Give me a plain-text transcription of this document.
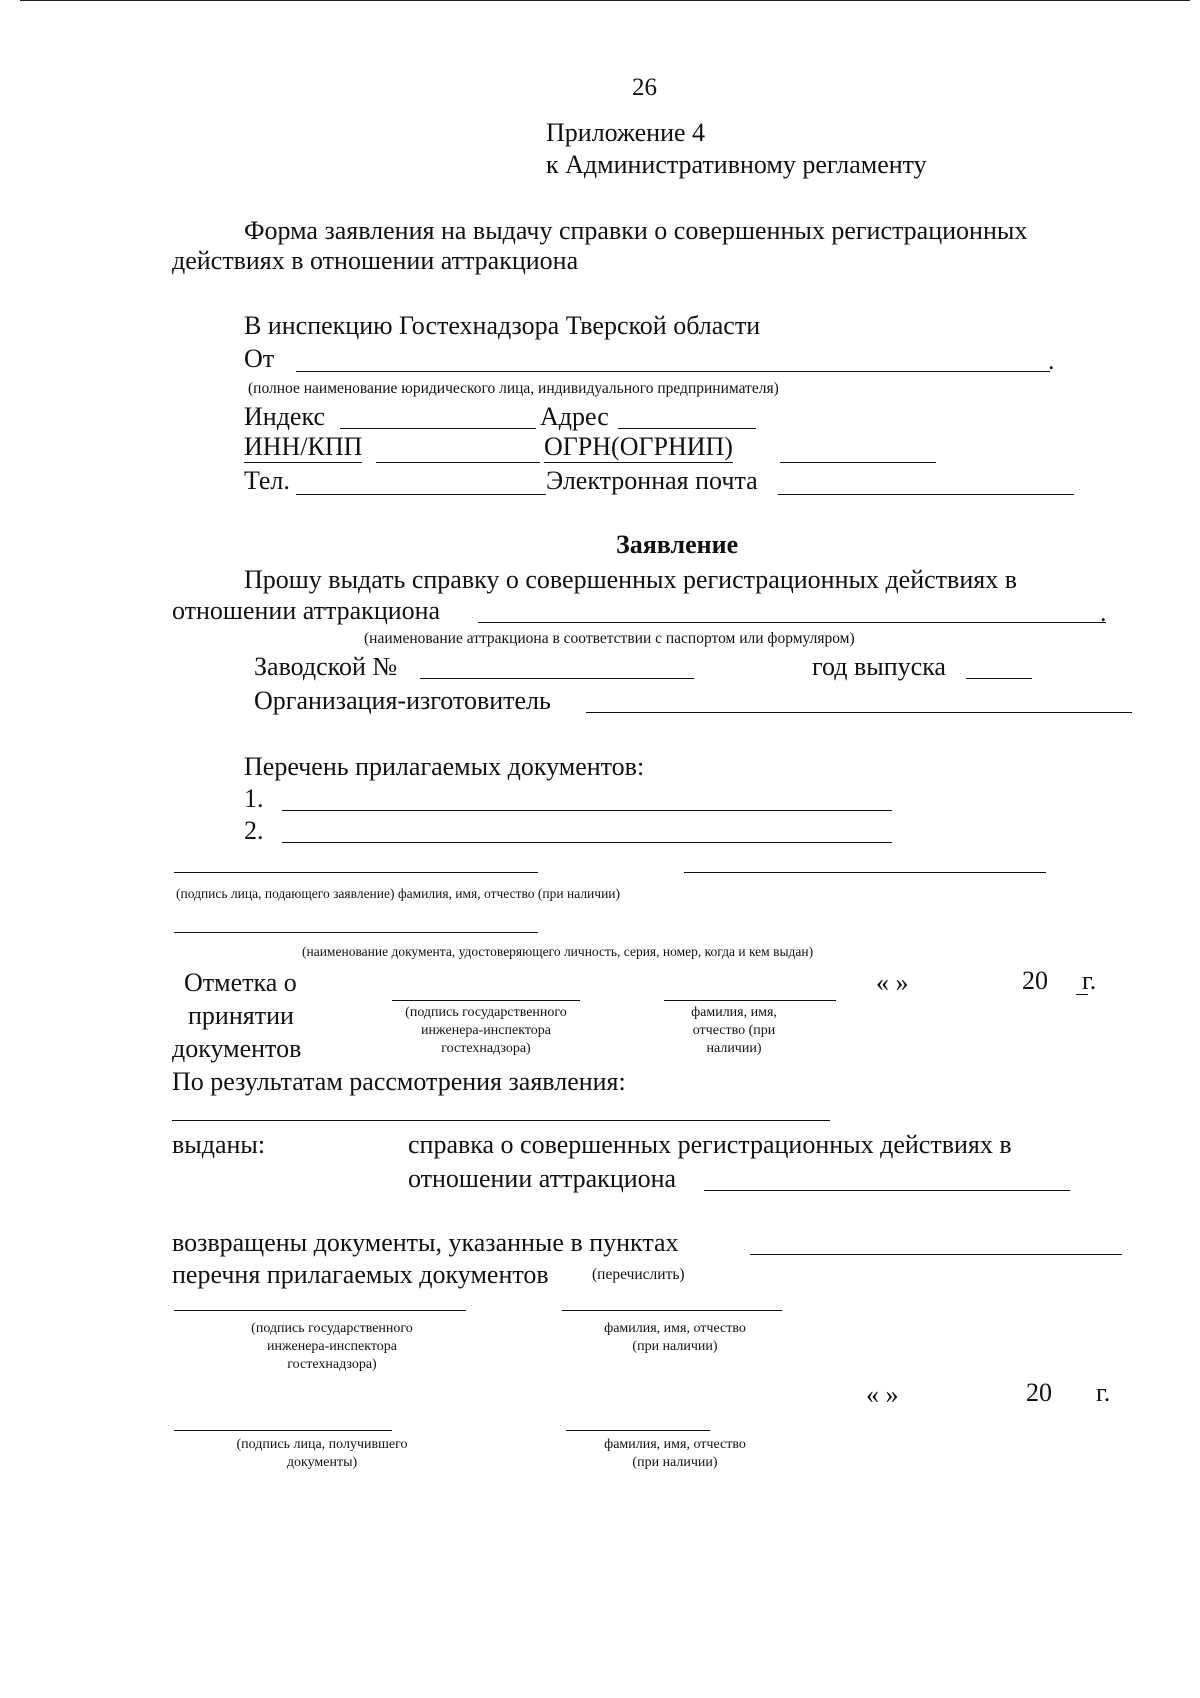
26
Приложение 4
к Административному регламенту
Форма заявления на выдачу справки о совершенных регистрационных
действиях в отношении аттракциона
В инспекцию Гостехнадзора Тверской области
От	.
(полное наименование юридического лица, индивидуального предпринимателя)
Индекс	Адрес
ИНН/КПП	ОГРН(ОГРНИП)
Тел.	Электронная почта
Заявление
Прошу выдать справку о совершенных регистрационных действиях в
отношении аттракциона	.
(наименование аттракциона в соответствии с паспортом или формуляром)
Заводской №	год выпуска
Организация-изготовитель
Перечень прилагаемых документов:
1.
2.
(подпись лица, подающего заявление) фамилия, имя, отчество (при наличии)
(наименование документа, удостоверяющего личность, серия, номер, когда и кем выдан)
Отметка о
принятии
документов
(подпись государственного инженера-инспектора гостехнадзора)
фамилия, имя, отчество (при наличии)
« »	20 г.
По результатам рассмотрения заявления:
выданы:	справка о совершенных регистрационных действиях в
отношении аттракциона
возвращены документы, указанные в пунктах
перечня прилагаемых документов	(перечислить)
(подпись государственного инженера-инспектора гостехнадзора)
фамилия, имя, отчество (при наличии)
« »	20 г.
(подпись лица, получившего документы)
фамилия, имя, отчество (при наличии)
